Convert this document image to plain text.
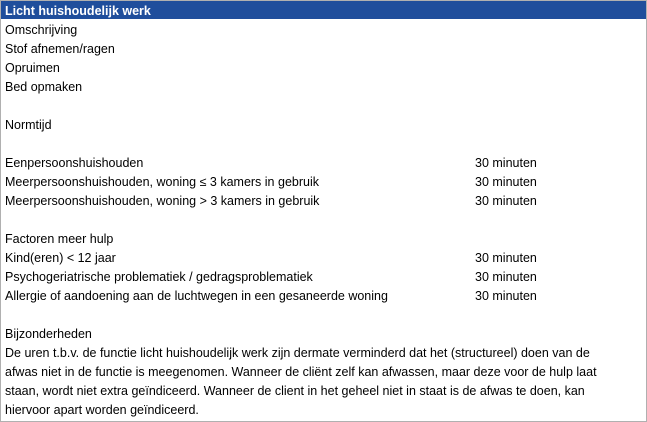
Licht huishoudelijk werk
Omschrijving
Stof afnemen/ragen
Opruimen
Bed opmaken
Normtijd
Eenpersoonshuishouden	30 minuten
Meerpersoonshuishouden, woning ≤ 3 kamers in gebruik	30 minuten
Meerpersoonshuishouden, woning > 3 kamers in gebruik	30 minuten
Factoren meer hulp
Kind(eren) < 12 jaar	30 minuten
Psychogeriatrische problematiek / gedragsproblematiek	30 minuten
Allergie of aandoening aan de luchtwegen in een gesaneerde woning	30 minuten
Bijzonderheden
De uren t.b.v. de functie licht huishoudelijk werk zijn dermate verminderd dat het (structureel) doen van de afwas niet in de functie is meegenomen. Wanneer de cliënt zelf kan afwassen, maar deze voor de hulp laat staan, wordt niet extra geïndiceerd. Wanneer de client in het geheel niet in staat is de afwas te doen, kan hiervoor apart worden geïndiceerd.
